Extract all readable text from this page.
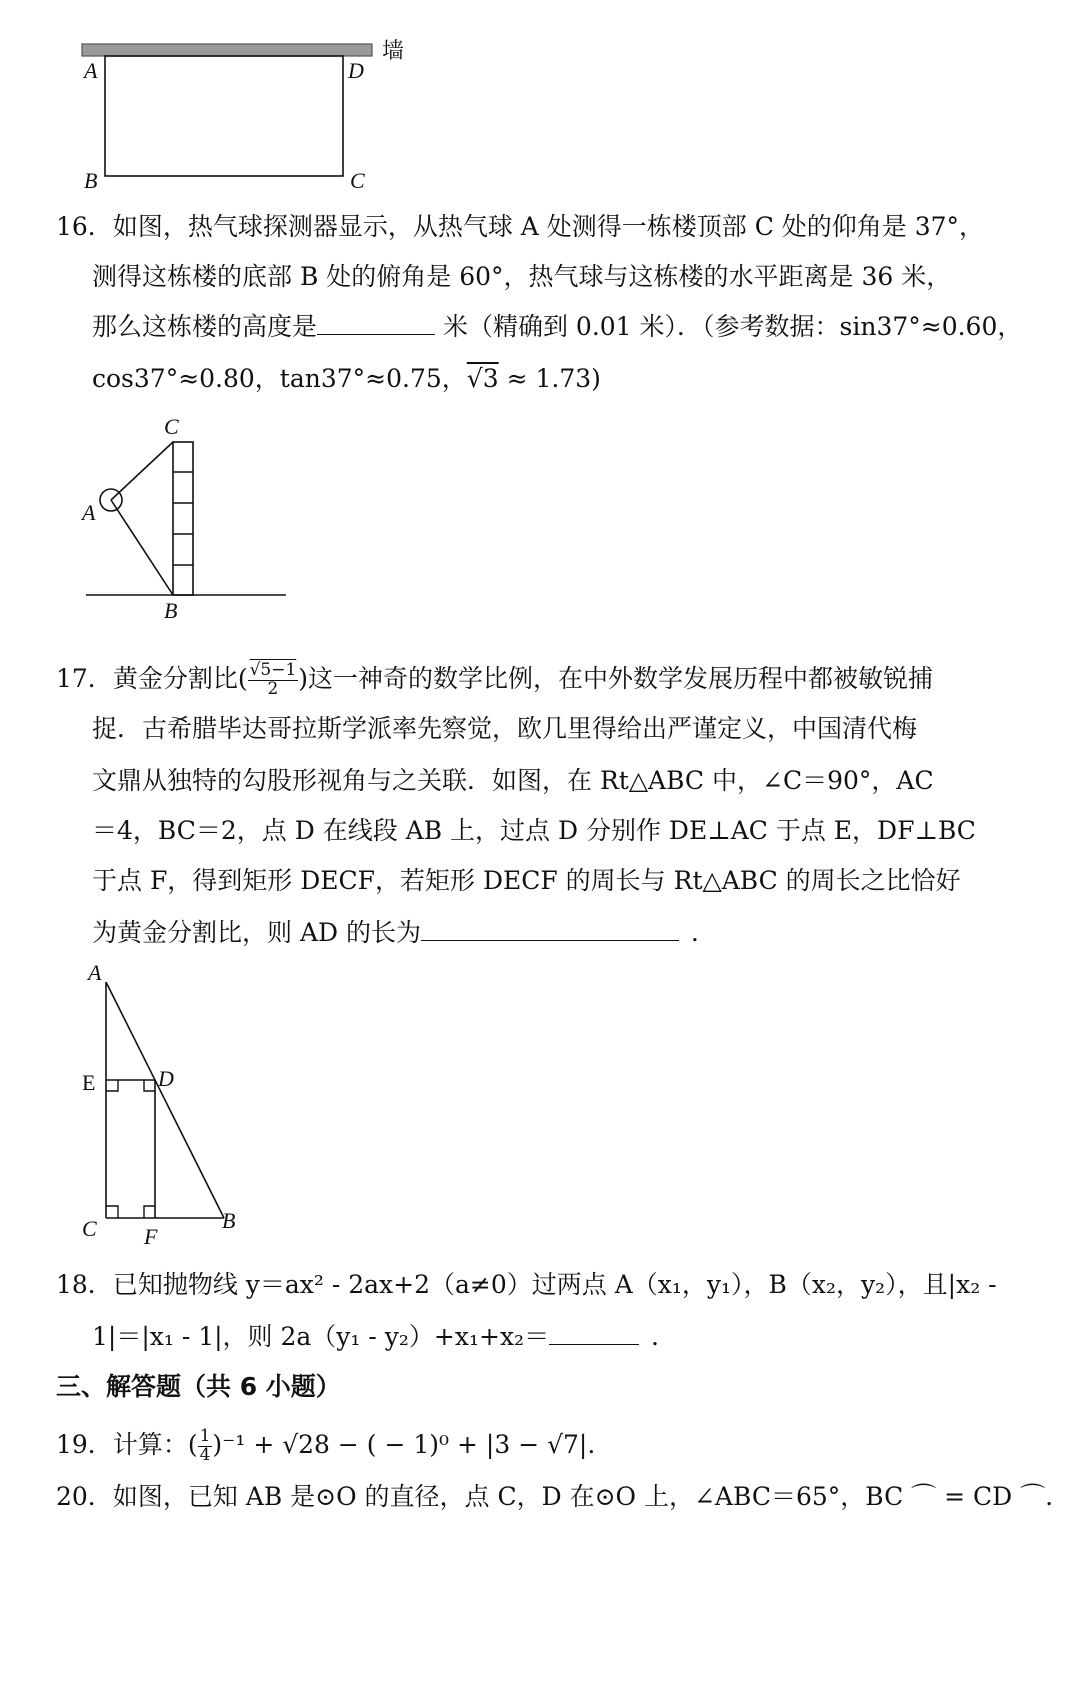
墙
A	D
B	C
16．如图，热气球探测器显示，从热气球 A 处测得一栋楼顶部 C 处的仰角是 37°，
测得这栋楼的底部 B 处的俯角是 60°，热气球与这栋楼的水平距离是 36 米，
那么这栋楼的高度是	米（精确到 0.01 米）．（参考数据：sin37°≈0.60，
cos37°≈0.80，tan37°≈0.75，√3 ≈ 1.73)
C
A
B
17．黄金分割比( $\frac{√5-1}{2}$ )这一神奇的数学比例，在中外数学发展历程中都被敏锐捕
捉．古希腊毕达哥拉斯学派率先察觉，欧几里得给出严谨定义，中国清代梅
文鼎从独特的勾股形视角与之关联．如图，在 Rt△ABC 中，∠C＝90°，AC
＝4，BC＝2，点 D 在线段 AB 上，过点 D 分别作 DE⊥AC 于点 E，DF⊥BC
于点 F，得到矩形 DECF，若矩形 DECF 的周长与 Rt△ABC 的周长之比恰好
为黄金分割比，则 AD 的长为	．
A
E	D
C F
B
18．已知抛物线 y＝ax² - 2ax+2（a≠0）过两点 A（x₁，y₁），B（x₂，y₂），且|x₂ -
1|＝|x₁ - 1|，则 2a（y₁ - y₂）+x₁+x₂＝	．
三、解答题（共 6 小题）
19．计算：( $\frac{1}{4} )^{-1} + √28$ − ( − 1)⁰ + |3 − √7|.
20．如图，已知 AB 是⊙O 的直径，点 C，D 在⊙O 上，∠ABC＝65°，BC ⌒ = CD ⌒.
